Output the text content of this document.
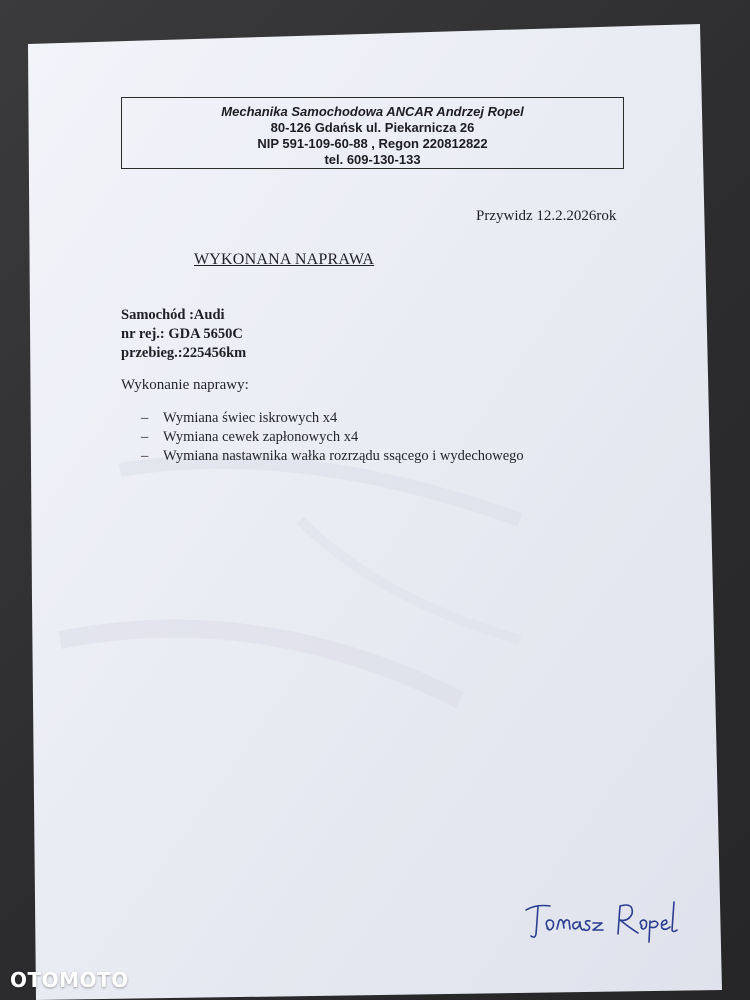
Mechanika Samochodowa ANCAR Andrzej Ropel
80-126 Gdańsk ul. Piekarnicza 26
NIP 591-109-60-88 , Regon 220812822
tel. 609-130-133
Przywidz 12.2.2026rok
WYKONANA NAPRAWA
Samochód :Audi
nr rej.: GDA 5650C
przebieg.:225456km
Wykonanie naprawy:
– Wymiana świec iskrowych x4
– Wymiana cewek zapłonowych x4
– Wymiana nastawnika wałka rozrządu ssącego i wydechowego
OTOMOTO
